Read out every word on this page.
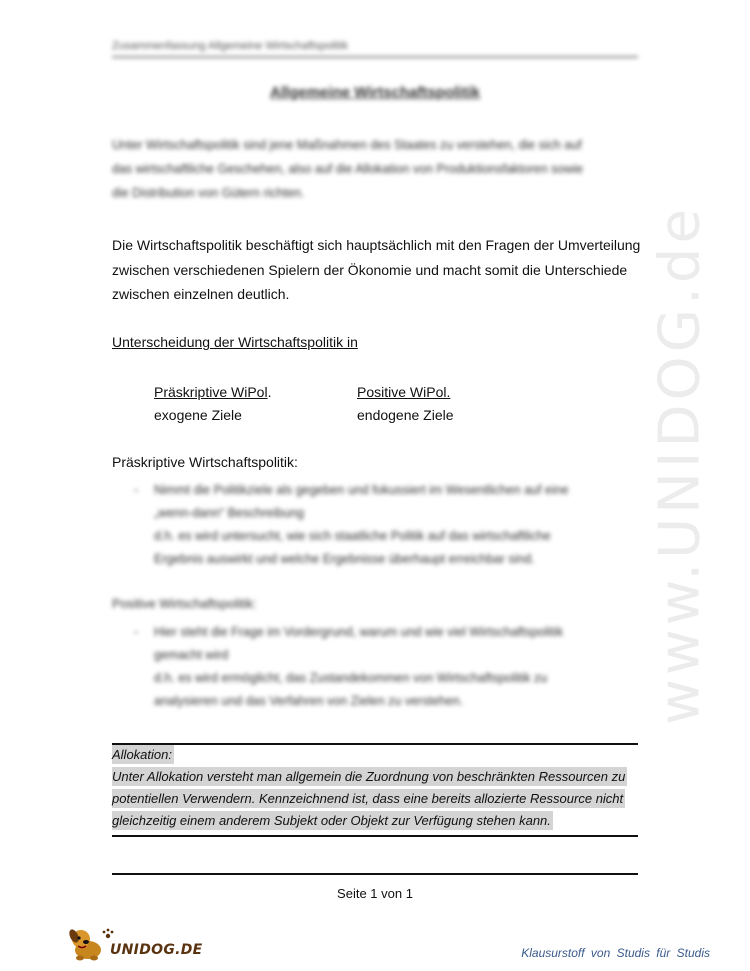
Zusammenfassung Allgemeine Wirtschaftspolitik
Allgemeine Wirtschaftspolitik
Unter Wirtschaftspolitik sind jene Maßnahmen des Staates zu verstehen, die sich auf
das wirtschaftliche Geschehen, also auf die Allokation von Produktionsfaktoren sowie
die Distribution von Gütern richten.
Die Wirtschaftspolitik beschäftigt sich hauptsächlich mit den Fragen der Umverteilung
zwischen verschiedenen Spielern der Ökonomie und macht somit die Unterschiede
zwischen einzelnen deutlich.
Unterscheidung der Wirtschaftspolitik in
Präskriptive WiPol.
exogene Ziele
Positive WiPol.
endogene Ziele
Präskriptive Wirtschaftspolitik:
- Nimmt die Politikziele als gegeben und fokussiert im Wesentlichen auf eine
„wenn-dann“ Beschreibung
d.h. es wird untersucht, wie sich staatliche Politik auf das wirtschaftliche
Ergebnis auswirkt und welche Ergebnisse überhaupt erreichbar sind.
Positive Wirtschaftspolitik:
- Hier steht die Frage im Vordergrund, warum und wie viel Wirtschaftspolitik
gemacht wird
d.h. es wird ermöglicht, das Zustandekommen von Wirtschaftspolitik zu
analysieren und das Verfahren von Zielen zu verstehen.
Allokation:
Unter Allokation versteht man allgemein die Zuordnung von beschränkten Ressourcen zu
potentiellen Verwendern. Kennzeichnend ist, dass eine bereits allozierte Ressource nicht
gleichzeitig einem anderem Subjekt oder Objekt zur Verfügung stehen kann.
Seite 1 von 1
www.UNIDOG.de
UNIDOG.DE	Klausurstoff von Studis für Studis
